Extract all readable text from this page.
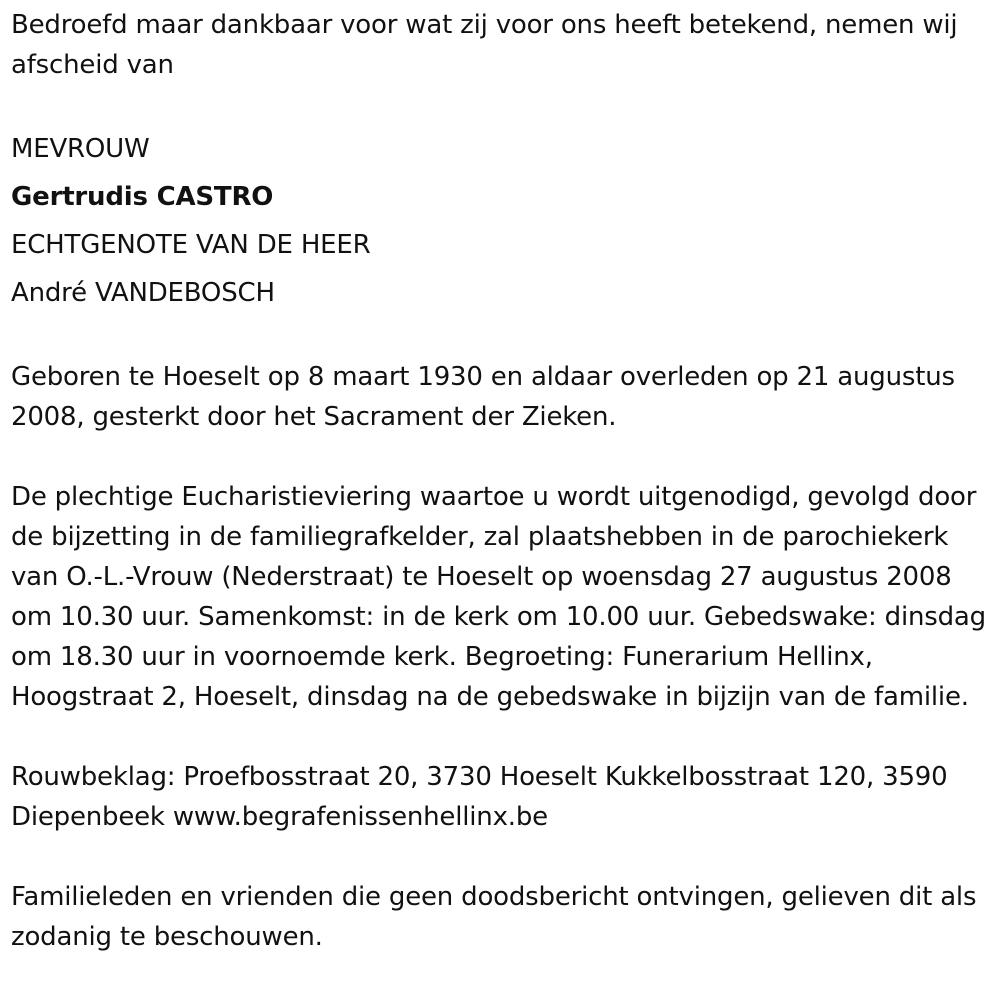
Bedroefd maar dankbaar voor wat zij voor ons heeft betekend, nemen wij afscheid van

MEVROUW

Gertrudis CASTRO

ECHTGENOTE VAN DE HEER

André VANDEBOSCH

Geboren te Hoeselt op 8 maart 1930 en aldaar overleden op 21 augustus 2008, gesterkt door het Sacrament der Zieken.

De plechtige Eucharistieviering waartoe u wordt uitgenodigd, gevolgd door de bijzetting in de familiegrafkelder, zal plaatshebben in de parochiekerk van O.-L.-Vrouw (Nederstraat) te Hoeselt op woensdag 27 augustus 2008 om 10.30 uur. Samenkomst: in de kerk om 10.00 uur. Gebedswake: dinsdag om 18.30 uur in voornoemde kerk. Begroeting: Funerarium Hellinx, Hoogstraat 2, Hoeselt, dinsdag na de gebedswake in bijzijn van de familie.

Rouwbeklag: Proefbosstraat 20, 3730 Hoeselt Kukkelbosstraat 120, 3590 Diepenbeek www.begrafenissenhellinx.be

Familieleden en vrienden die geen doodsbericht ontvingen, gelieven dit als zodanig te beschouwen.
